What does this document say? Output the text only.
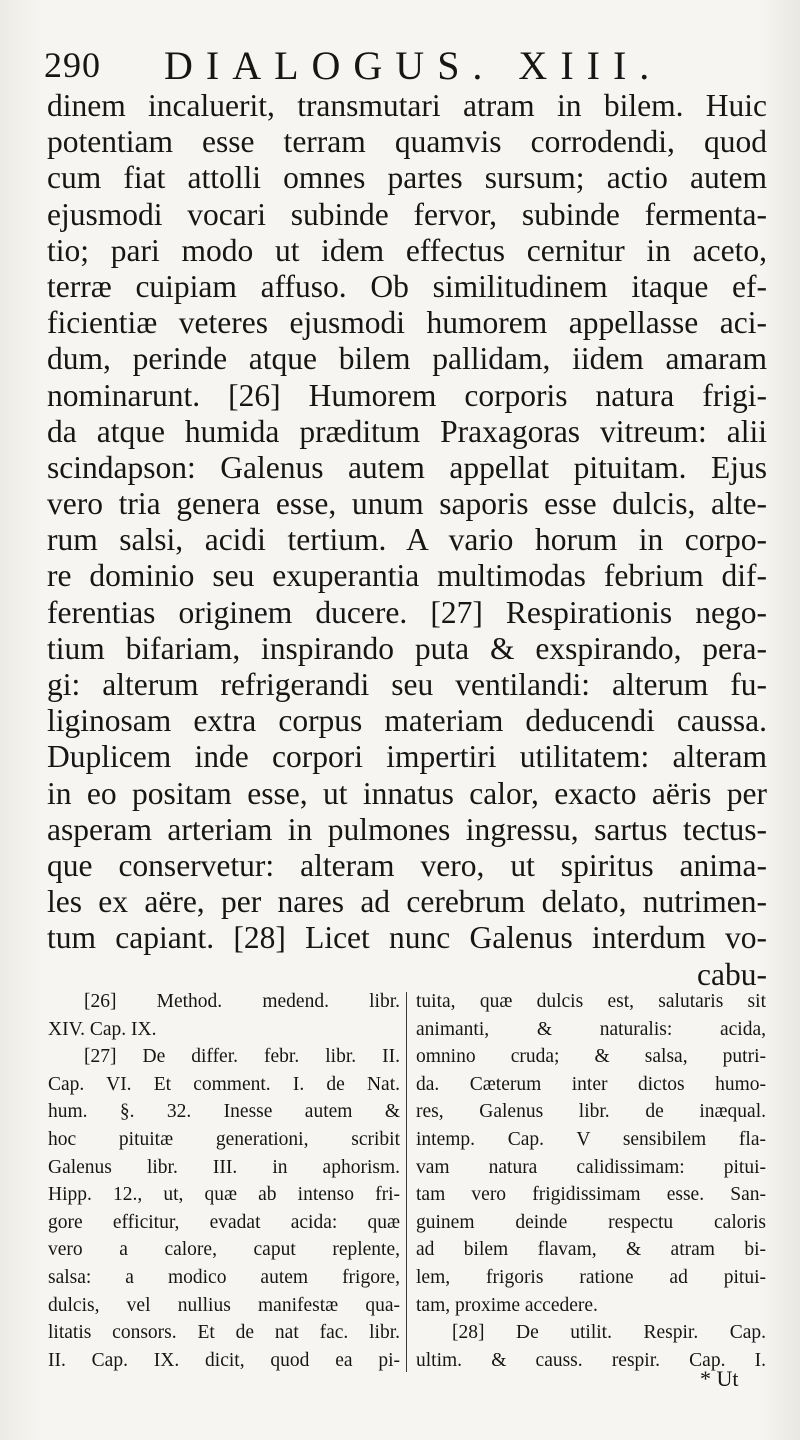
290 DIALOGUS. XIII.
dinem incaluerit, transmutari atram in bilem. Huic
potentiam esse terram quamvis corrodendi, quod
cum fiat attolli omnes partes sursum; actio autem
ejusmodi vocari subinde fervor, subinde fermenta-
tio; pari modo ut idem effectus cernitur in aceto,
terræ cuipiam affuso. Ob similitudinem itaque ef-
ficientiæ veteres ejusmodi humorem appellasse aci-
dum, perinde atque bilem pallidam, iidem amaram
nominarunt. [26] Humorem corporis natura frigi-
da atque humida præditum Praxagoras vitreum: alii
scindapson: Galenus autem appellat pituitam. Ejus
vero tria genera esse, unum saporis esse dulcis, alte-
rum salsi, acidi tertium. A vario horum in corpo-
re dominio seu exuperantia multimodas febrium dif-
ferentias originem ducere. [27] Respirationis nego-
tium bifariam, inspirando puta & exspirando, pera-
gi: alterum refrigerandi seu ventilandi: alterum fu-
liginosam extra corpus materiam deducendi caussa.
Duplicem inde corpori impertiri utilitatem: alteram
in eo positam esse, ut innatus calor, exacto aëris per
asperam arteriam in pulmones ingressu, sartus tectus-
que conservetur: alteram vero, ut spiritus anima-
les ex aëre, per nares ad cerebrum delato, nutrimen-
tum capiant. [28] Licet nunc Galenus interdum vo-
cabu-
[26] Method. medend. libr.
XIV. Cap. IX.
[27] De differ. febr. libr. II.
Cap. VI. Et comment. I. de Nat.
hum. §. 32. Inesse autem &
hoc pituitæ generationi, scribit
Galenus libr. III. in aphorism.
Hipp. 12., ut, quæ ab intenso fri-
gore efficitur, evadat acida: quæ
vero a calore, caput replente,
salsa: a modico autem frigore,
dulcis, vel nullius manifestæ qua-
litatis consors. Et de nat fac. libr.
II. Cap. IX. dicit, quod ea pi-
tuita, quæ dulcis est, salutaris sit
animanti, & naturalis: acida,
omnino cruda; & salsa, putri-
da. Cæterum inter dictos humo-
res, Galenus libr. de inæqual.
intemp. Cap. V sensibilem fla-
vam natura calidissimam: pitui-
tam vero frigidissimam esse. San-
guinem deinde respectu caloris
ad bilem flavam, & atram bi-
lem, frigoris ratione ad pitui-
tam, proxime accedere.
[28] De utilit. Respir. Cap.
ultim. & causs. respir. Cap. I.
* Ut
